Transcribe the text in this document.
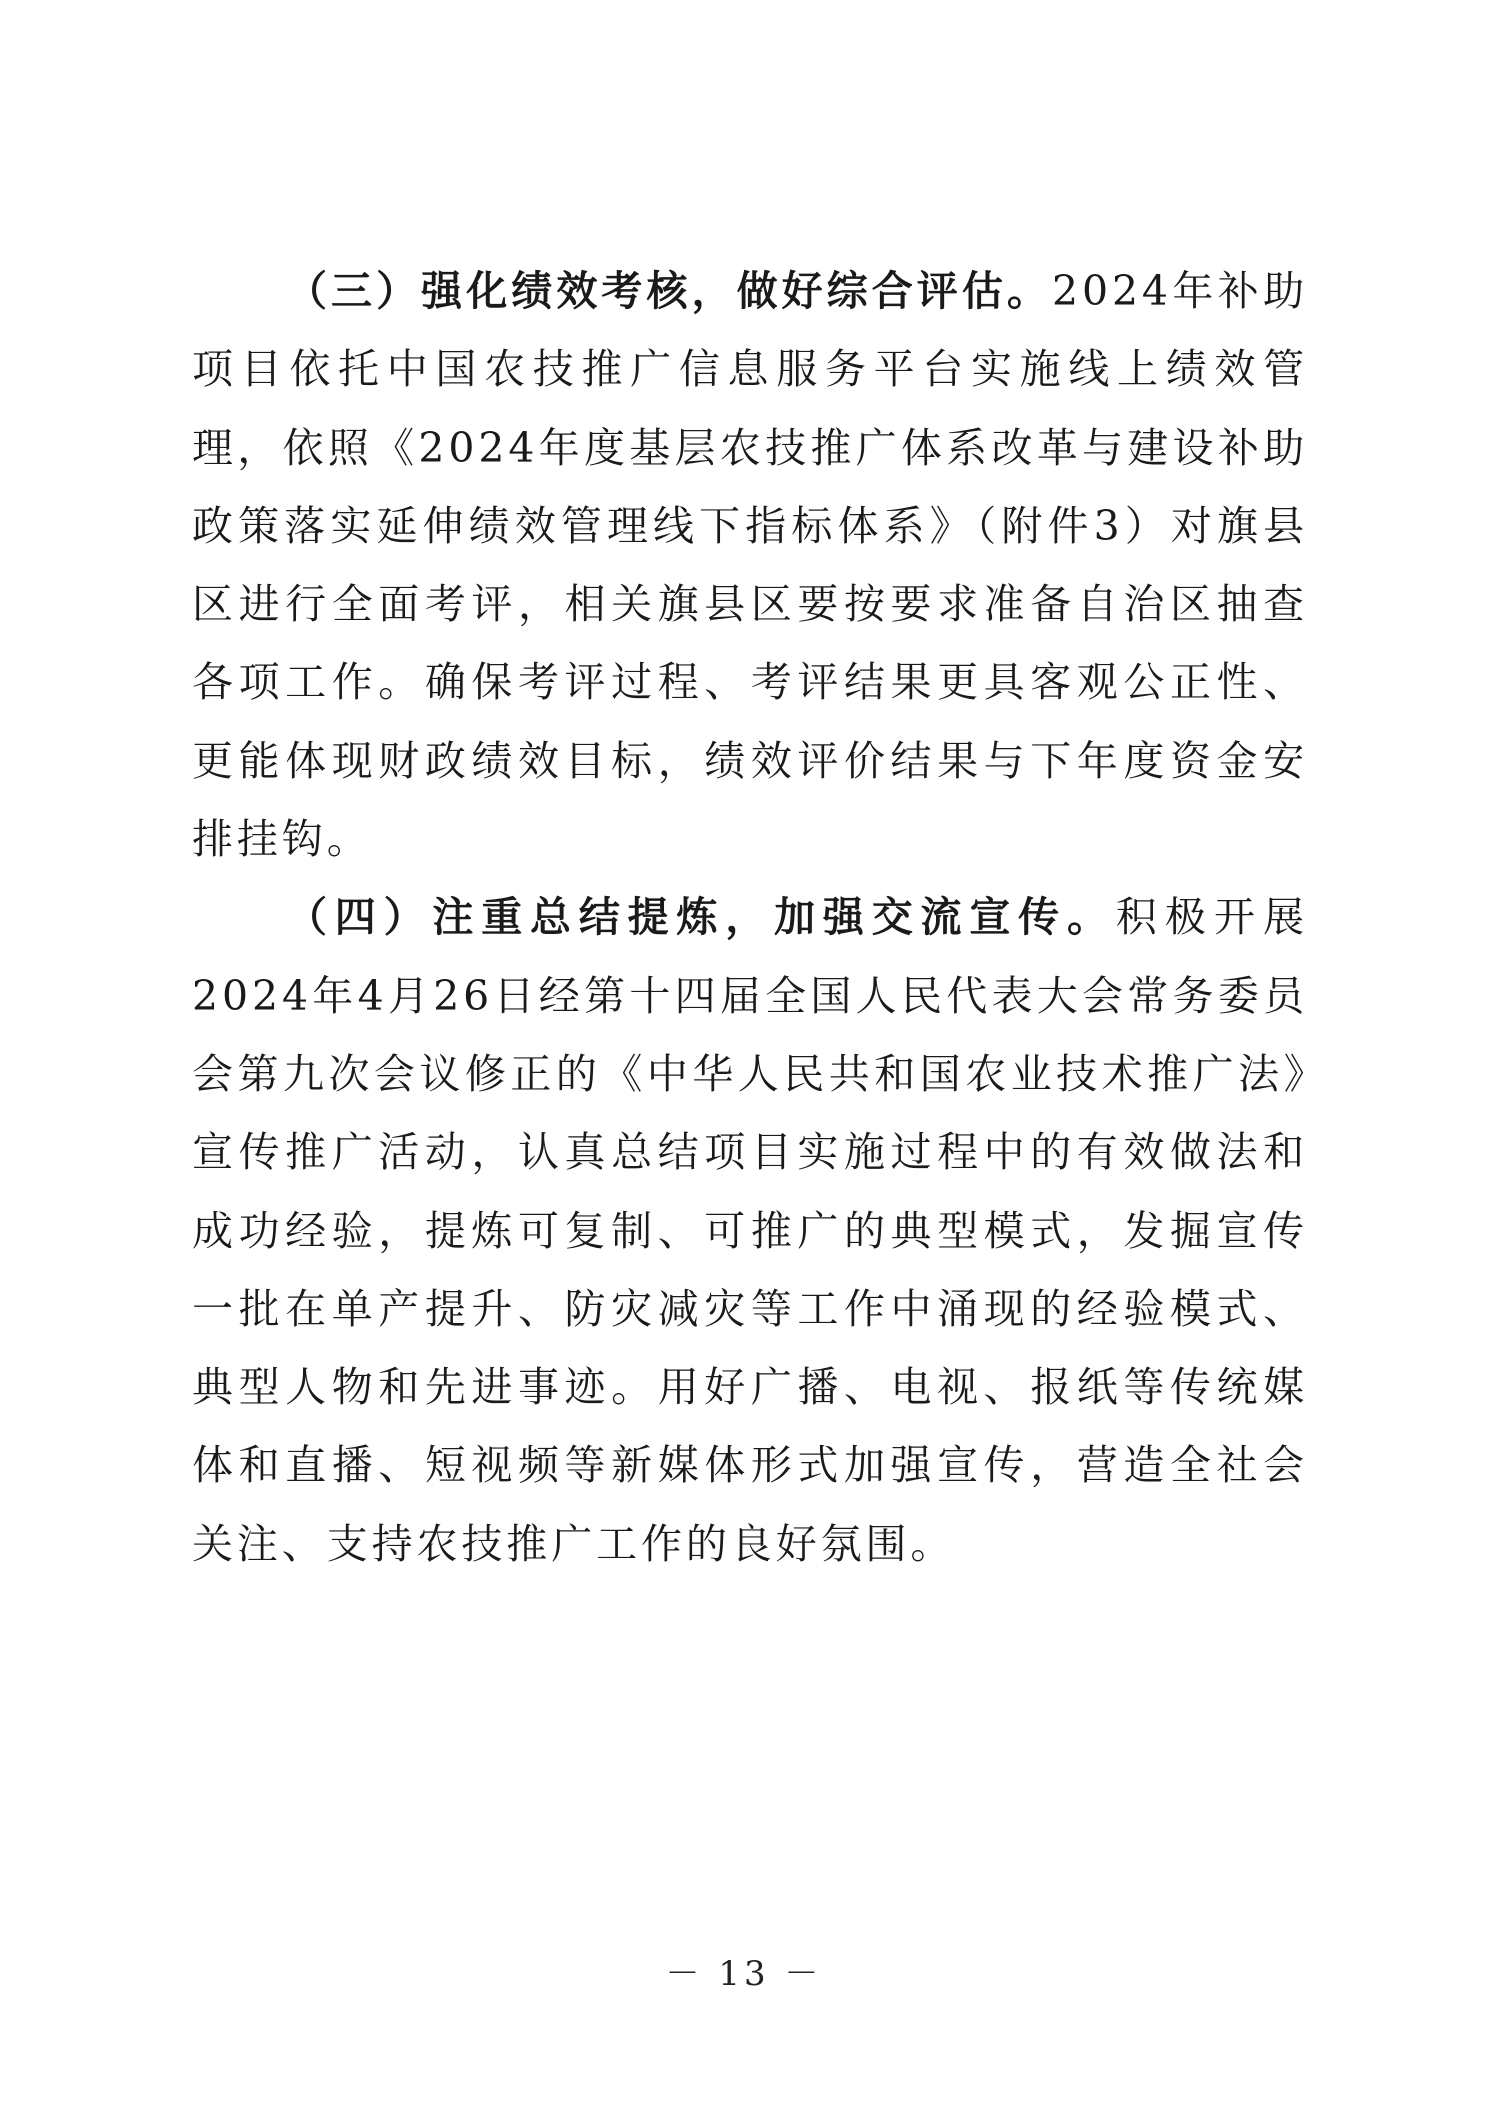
（三）强化绩效考核，做好综合评估。2024年补助项目依托中国农技推广信息服务平台实施线上绩效管理，依照《2024年度基层农技推广体系改革与建设补助政策落实延伸绩效管理线下指标体系》（附件3）对旗县区进行全面考评，相关旗县区要按要求准备自治区抽查各项工作。确保考评过程、考评结果更具客观公正性、更能体现财政绩效目标，绩效评价结果与下年度资金安排挂钩。

（四）注重总结提炼，加强交流宣传。积极开展2024年4月26日经第十四届全国人民代表大会常务委员会第九次会议修正的《中华人民共和国农业技术推广法》宣传推广活动，认真总结项目实施过程中的有效做法和成功经验，提炼可复制、可推广的典型模式，发掘宣传一批在单产提升、防灾减灾等工作中涌现的经验模式、典型人物和先进事迹。用好广播、电视、报纸等传统媒体和直播、短视频等新媒体形式加强宣传，营造全社会关注、支持农技推广工作的良好氛围。

－ 13 －
